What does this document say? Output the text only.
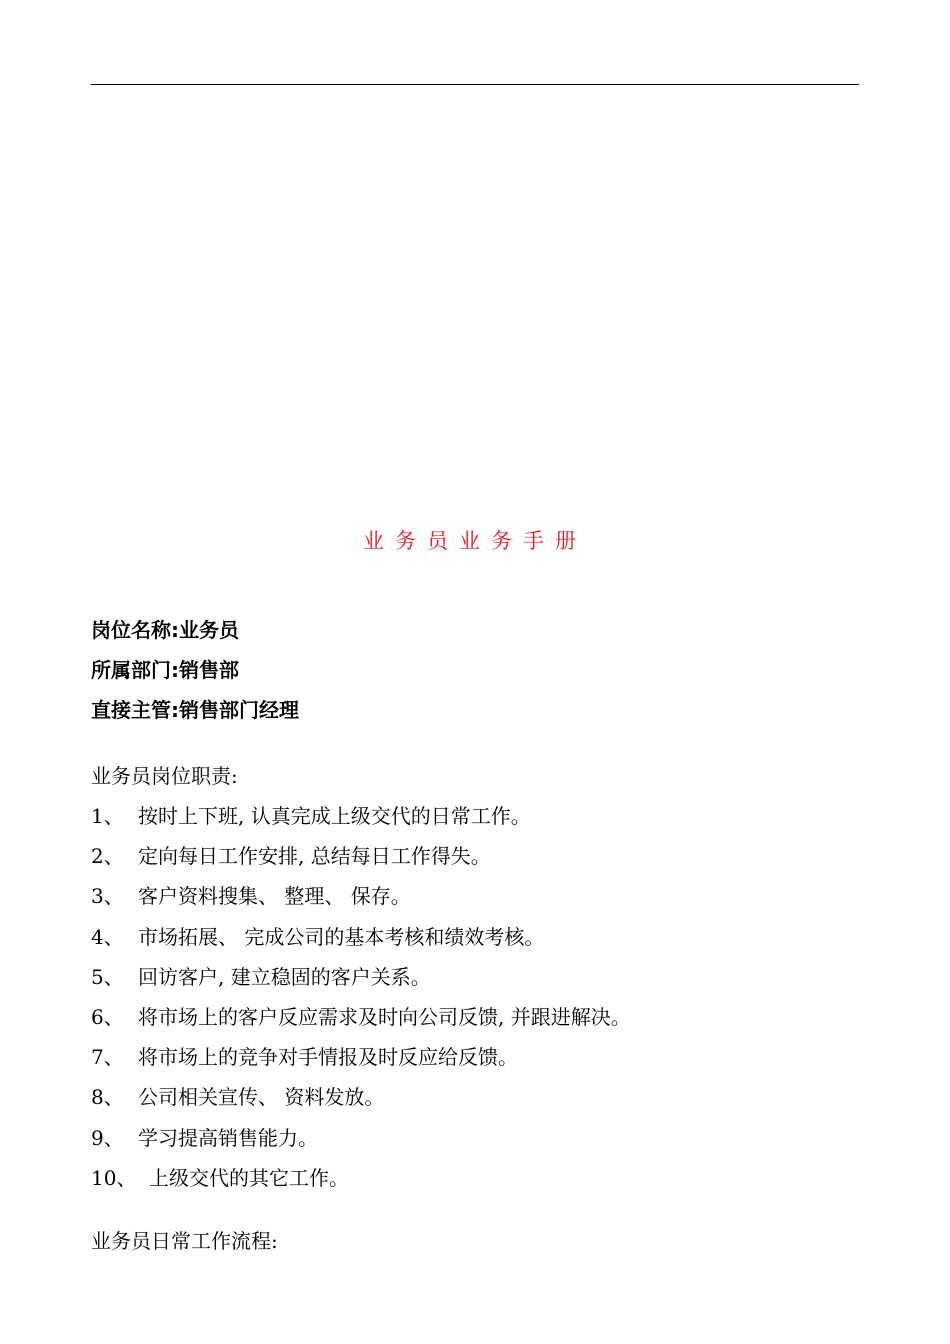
业务员业务手册
岗位名称:业务员
所属部门:销售部
直接主管:销售部门经理
业务员岗位职责:
1、 按时上下班, 认真完成上级交代的日常工作。
2、 定向每日工作安排, 总结每日工作得失。
3、 客户资料搜集、 整理、 保存。
4、 市场拓展、 完成公司的基本考核和绩效考核。
5、 回访客户, 建立稳固的客户关系。
6、 将市场上的客户反应需求及时向公司反馈, 并跟进解决。
7、 将市场上的竞争对手情报及时反应给反馈。
8、 公司相关宣传、 资料发放。
9、 学习提高销售能力。
10、 上级交代的其它工作。
业务员日常工作流程:
